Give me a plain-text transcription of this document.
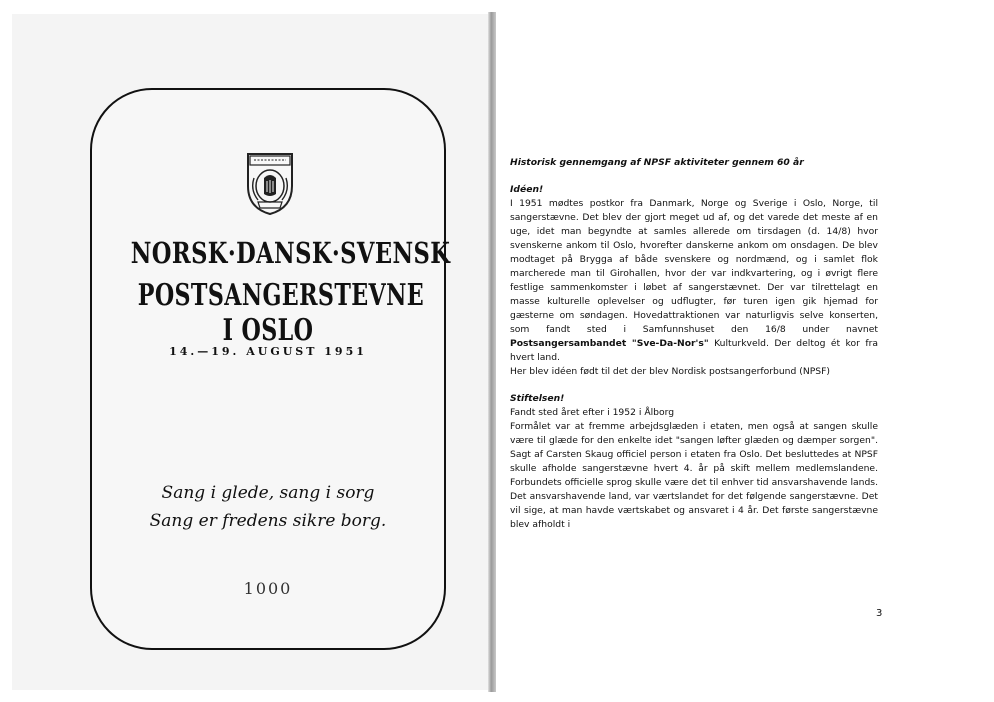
NORSK·DANSK·SVENSK
POSTSANGERSTEVNE I OSLO
14.—19. AUGUST 1951
Sang i glede, sang i sorg
Sang er fredens sikre borg.
1000

Historisk gennemgang af NPSF aktiviteter gennem 60 år

Idéen!

I 1951 mødtes postkor fra Danmark, Norge og Sverige i Oslo, Norge, til sangerstævne. Det blev der gjort meget ud af, og det varede det meste af en uge, idet man begyndte at samles allerede om tirsdagen (d. 14/8) hvor svenskerne ankom til Oslo, hvorefter danskerne ankom om onsdagen. De blev modtaget på Brygga af både svenskere og nordmænd, og i samlet flok marcherede man til Girohallen, hvor der var indkvartering, og i øvrigt flere festlige sammenkomster i løbet af sangerstævnet. Der var tilrettelagt en masse kulturelle oplevelser og udflugter, før turen igen gik hjemad for gæsterne om søndagen. Hovedattraktionen var naturligvis selve konserten, som fandt sted i Samfunnshuset den 16/8 under navnet Postsangersambandet "Sve-Da-Nor's" Kulturkveld. Der deltog ét kor fra hvert land.

Her blev idéen født til det der blev Nordisk postsangerforbund (NPSF)

Stiftelsen!

Fandt sted året efter i 1952 i Ålborg

Formålet var at fremme arbejdsglæden i etaten, men også at sangen skulle være til glæde for den enkelte idet "sangen løfter glæden og dæmper sorgen". Sagt af Carsten Skaug officiel person i etaten fra Oslo. Det besluttedes at NPSF skulle afholde sangerstævne hvert 4. år på skift mellem medlemslandene. Forbundets officielle sprog skulle være det til enhver tid ansvarshavende lands. Det ansvarshavende land, var værtslandet for det følgende sangerstævne. Det vil sige, at man havde værtskabet og ansvaret i 4 år. Det første sangerstævne blev afholdt i

3
